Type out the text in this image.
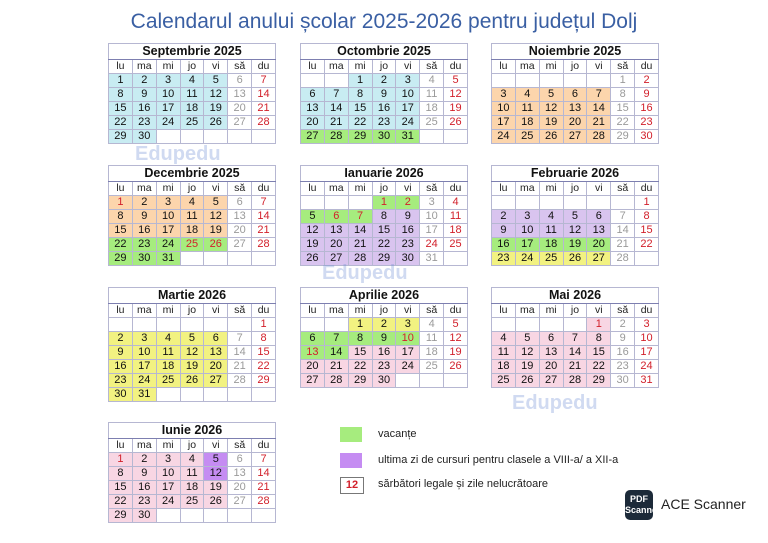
Calendarul anului școlar 2025-2026 pentru județul Dolj
Septembrie 2025						
lu	ma	mi	jo	vi	să	du
1	2	3	4	5	6	7
8	9	10	11	12	13	14
15	16	17	18	19	20	21
22	23	24	25	26	27	28
29	30					
Octombrie 2025						
lu	ma	mi	jo	vi	să	du
		1	2	3	4	5
6	7	8	9	10	11	12
13	14	15	16	17	18	19
20	21	22	23	24	25	26
27	28	29	30	31		
Noiembrie 2025						
lu	ma	mi	jo	vi	să	du
					1	2
3	4	5	6	7	8	9
10	11	12	13	14	15	16
17	18	19	20	21	22	23
24	25	26	27	28	29	30
Decembrie 2025						
lu	ma	mi	jo	vi	să	du
1	2	3	4	5	6	7
8	9	10	11	12	13	14
15	16	17	18	19	20	21
22	23	24	25	26	27	28
29	30	31				
Ianuarie 2026						
lu	ma	mi	jo	vi	să	du
			1	2	3	4
5	6	7	8	9	10	11
12	13	14	15	16	17	18
19	20	21	22	23	24	25
26	27	28	29	30	31	
Februarie 2026						
lu	ma	mi	jo	vi	să	du
						1
2	3	4	5	6	7	8
9	10	11	12	13	14	15
16	17	18	19	20	21	22
23	24	25	26	27	28	
Martie 2026						
lu	ma	mi	jo	vi	să	du
						1
2	3	4	5	6	7	8
9	10	11	12	13	14	15
16	17	18	19	20	21	22
23	24	25	26	27	28	29
30	31					
Aprilie 2026						
lu	ma	mi	jo	vi	să	du
		1	2	3	4	5
6	7	8	9	10	11	12
13	14	15	16	17	18	19
20	21	22	23	24	25	26
27	28	29	30			
Mai 2026						
lu	ma	mi	jo	vi	să	du
				1	2	3
4	5	6	7	8	9	10
11	12	13	14	15	16	17
18	19	20	21	22	23	24
25	26	27	28	29	30	31
Iunie 2026						
lu	ma	mi	jo	vi	să	du
1	2	3	4	5	6	7
8	9	10	11	12	13	14
15	16	17	18	19	20	21
22	23	24	25	26	27	28
29	30					
Edupedu
Edupedu
Edupedu
vacanțe
ultima zi de cursuri pentru clasele a VIII-a/ a XII-a
12	sărbători legale și zile nelucrătoare
PDF Scanner ACE Scanner
